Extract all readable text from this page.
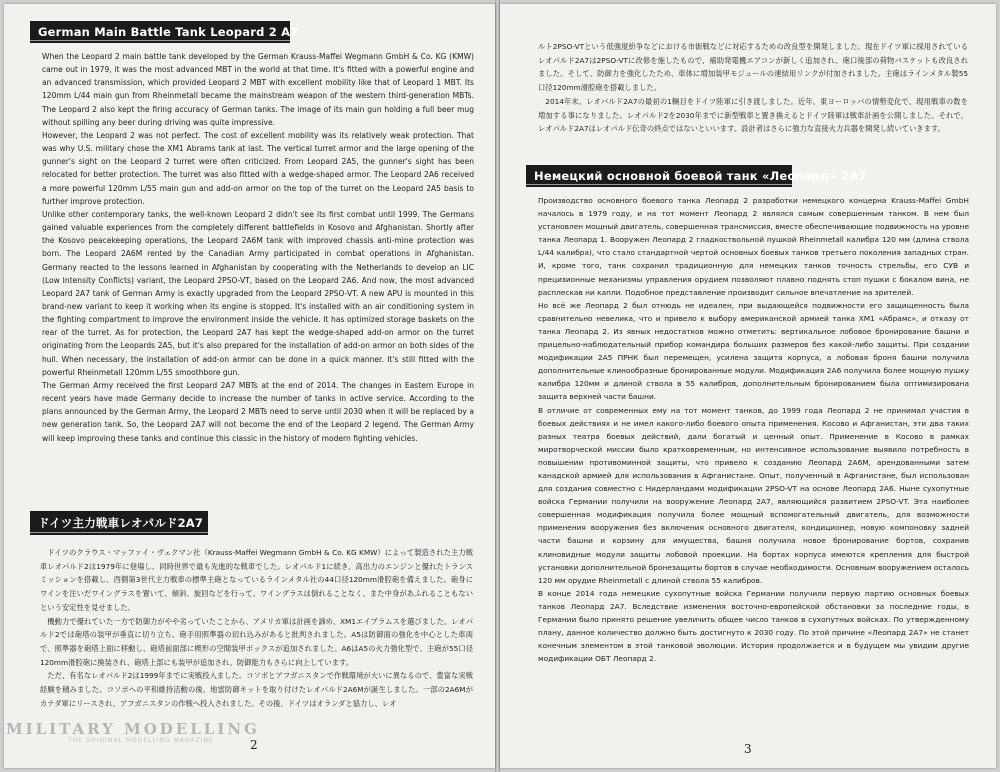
German Main Battle Tank Leopard 2 A7

When the Leopard 2 main battle tank developed by the German Krauss-Maffei Wegmann GmbH & Co. KG (KMW) came out in 1979, it was the most advanced MBT in the world at that time. It's fitted with a powerful engine and an advanced transmission, which provided Leopard 2 MBT with excellent mobility like that of Leopard 1 MBT. Its 120mm L/44 main gun from Rheinmetall became the mainstream weapon of the western third-generation MBTs. The Leopard 2 also kept the firing accuracy of German tanks. The image of its main gun holding a full beer mug without spilling any beer during driving was quite impressive.

However, the Leopard 2 was not perfect. The cost of excellent mobility was its relatively weak protection. That was why U.S. military chose the XM1 Abrams tank at last. The vertical turret armor and the large opening of the gunner's sight on the Leopard 2 turret were often criticized. From Leopard 2A5, the gunner's sight has been relocated for better protection. The turret was also fitted with a wedge-shaped armor. The Leopard 2A6 received a more powerful 120mm L/55 main gun and add-on armor on the top of the turret on the Leopard 2A5 basis to further improve protection.

Unlike other contemporary tanks, the well-known Leopard 2 didn't see its first combat until 1999. The Germans gained valuable experiences from the completely different battlefields in Kosovo and Afghanistan. Shortly after the Kosovo peacekeeping operations, the Leopard 2A6M tank with improved chassis anti-mine protection was born. The Leopard 2A6M rented by the Canadian Army participated in combat operations in Afghanistan. Germany reacted to the lessons learned in Afghanistan by cooperating with the Netherlands to develop an LIC (Low Intensity Conflicts) variant, the Leopard 2PSO-VT, based on the Leopard 2A6. And now, the most advanced Leopard 2A7 tank of German Army is exactly upgraded from the Leopard 2PSO-VT. A new APU is mounted in this brand-new variant to keep it working when its engine is stopped. It's installed with an air conditioning system in the fighting compartment to improve the environment inside the vehicle. It has optimized storage baskets on the rear of the turret. As for protection, the Leopard 2A7 has kept the wedge-shaped add-on armor on the turret originating from the Leopards 2A5, but it's also prepared for the installation of add-on armor on both sides of the hull. When necessary, the installation of add-on armor can be done in a quick manner. It's still fitted with the powerful Rheinmetall 120mm L/55 smoothbore gun.

The German Army received the first Leopard 2A7 MBTs at the end of 2014. The changes in Eastern Europe in recent years have made Germany decide to increase the number of tanks in active service. According to the plans announced by the German Army, the Leopard 2 MBTs need to serve until 2030 when it will be replaced by a new generation tank. So, the Leopard 2A7 will not become the end of the Leopard 2 legend. The German Army will keep improving these tanks and continue this classic in the history of modern fighting vehicles.

ドイツ主力戦車レオパルド2A7

ドイツのクラウス・マッファイ・ヴェクマン社（Krauss-Maffei Wegmann GmbH & Co. KG KMW）によって製造された主力戦車レオパルド2は1979年に登場し、同時世界で最も先進的な戦車でした。レオパルド1に続き、高出力のエンジンと優れたトランスミッションを搭載し、西側第3世代主力戦車の標準主砲となっているラインメタル社の44口径120mm滑腔砲を備えました。砲身にワインを注いだワイングラスを置いて、傾斜、旋回などを行って、ワイングラスは倒れることなく、また中身があふれることもないという安定性を見せました。

機動力で優れていた一方で防御力がやや劣っていたことから、アメリカ軍は計画を諦め、XM1エイブラムスを選びました。レオパルド2では砲塔の装甲が垂直に切り立ち、砲手用照準器の切れ込みがあると批判されました。A5は防御面の強化を中心とした車両で、照準器を砲塔上面に移動し、砲塔前面部に楔形の空間装甲ボックスが追加されました。A6はA5の火力強化型で、主砲が55口径120mm滑腔砲に換装され、砲塔上部にも装甲が追加され、防御能力もさらに向上しています。

ただ、有名なレオパルド2は1999年までに実戦投入ました。コソボとアフガニスタンで作戦環境が大いに異なるので、豊富な実戦経験を積みました。コソボへの平和維持活動の後、地雷防御キットを取り付けたレオパルド2A6Mが誕生しました。一部の2A6Mがカナダ軍にリースされ、アフガニスタンの作戦へ投入されました。その後、ドイツはオランダと協力し、レオ

2
MILITARY MODELLING
THE ORIGINAL MODELLING MAGAZINE

ルト2PSO-VTという低強度紛争などにおける市街戦などに対応するための改良型を開発しました。現在ドイツ軍に採用されているレオパルド2A7は2PSO-VTに改修を施したもので、補助発電機エアコンが新しく追加され、砲口後部の荷物バスケットも改良されました。そして、防御力を強化したため、車体に増加装甲モジュールの連結用リンクが付加されました。主砲はラインメタル製55口径120mm滑腔砲を搭載しました。

2014年末、レオパルド2A7の最初の1輌目をドイツ陸軍に引き渡しました。近年、東ヨーロッパの情勢変化で、現用戦車の数を増加する事になりました。レオパルド2を2030年までに新型戦車と置き換えるとドイツ陸軍は戦車計画を公開しました。それで、レオパルド2A7はレオパルド伝奇の終点ではないといいます。設計者はさらに強力な直接火力兵器を開発し続いていきます。

Немецкий основной боевой танк «Леопард» 2А7

Производство основного боевого танка Леопард 2 разработки немецкого концерна Krauss-Maffei GmbH началось в 1979 году, и на тот момент Леопард 2 являлся самым совершенным танком. В нем был установлен мощный двигатель, совершенная трансмиссия, вместе обеспечивающие подвижность на уровне танка Леопард 1. Вооружен Леопард 2 гладкоствольной пушкой Rheinmetall калибра 120 мм (длина ствола L/44 калибра), что стало стандартной чертой основных боевых танков третьего поколения западных стран. И, кроме того, танк сохранил традиционную для немецких танков точность стрельбы, его СУВ и прецизионные механизмы управления орудием позволяют плавно поднять стоп пушки с бокалом вина, не расплескав ни капли. Подобное представление производит сильное впечатление на зрителей.

Но всё же Леопард 2 был отнюдь не идеален, при выдающейся подвижности его защищенность была сравнительно невелика, что и привело к выбору американской армией танка XM1 «Абрамс», и отказу от танка Леопард 2. Из явных недостатков можно отметить: вертикальное лобовое бронирование башни и прицельно-наблюдательный прибор командира больших размеров без какой-либо защиты. При создании модификации 2А5 ПРНК был перемещен, усилена защита корпуса, а лобовая броня башни получила дополнительные клинообразные бронированные модули. Модификация 2А6 получила более мощную пушку калибра 120мм и длиной ствола в 55 калибров, дополнительным бронированием была оптимизирована защита верхней части башни.

В отличие от современных ему на тот момент танков, до 1999 года Леопард 2 не принимал участия в боевых действиях и не имел какого-либо боевого опыта применения. Косово и Афганистан, эти два таких разных театра боевых действий, дали богатый и ценный опыт. Применение в Косово в рамках миротворческой миссии было кратковременным, но интенсивное использование выявило потребность в повышении противоминной защиты, что привело к созданию Леопард 2А6М, арендованными затем канадской армией для использования в Афганистане. Опыт, полученный в Афганистане, был использован для создания совместно с Нидерландами модификации 2PSO-VT на основе Леопард 2А6. Ныне сухопутные войска Германии получили на вооружение Леопард 2А7, являющийся развитием 2PSO-VT. Эта наиболее совершенная модификация получила более мощный вспомогательный двигатель, для возможности применения вооружения без включения основного двигателя, кондиционер, новую компоновку задней части башни и корзину для имущества, башня получила новое бронирование бортов, сохранив клиновидные модули защиты лобовой проекции. На бортах корпуса имеются крепления для быстрой установки дополнительной бронезащиты бортов в случае необходимости. Основным вооружением осталось 120 мм орудие Rheinmetall с длиной ствола 55 калибров.

В конце 2014 года немецкие сухопутные войска Германии получили первую партию основных боевых танков Леопард 2А7. Вследствие изменения восточно-европейской обстановки за последние годы, в Германии было принято решение увеличить общее число танков в сухопутных войсках. По утвержденному плану, данное количество должно быть достигнуто к 2030 году. По этой причине «Леопард 2А7» не станет конечным элементом в этой танковой эволюции. История продолжается и в будущем мы увидим другие модификации ОБТ Леопард 2.

3
